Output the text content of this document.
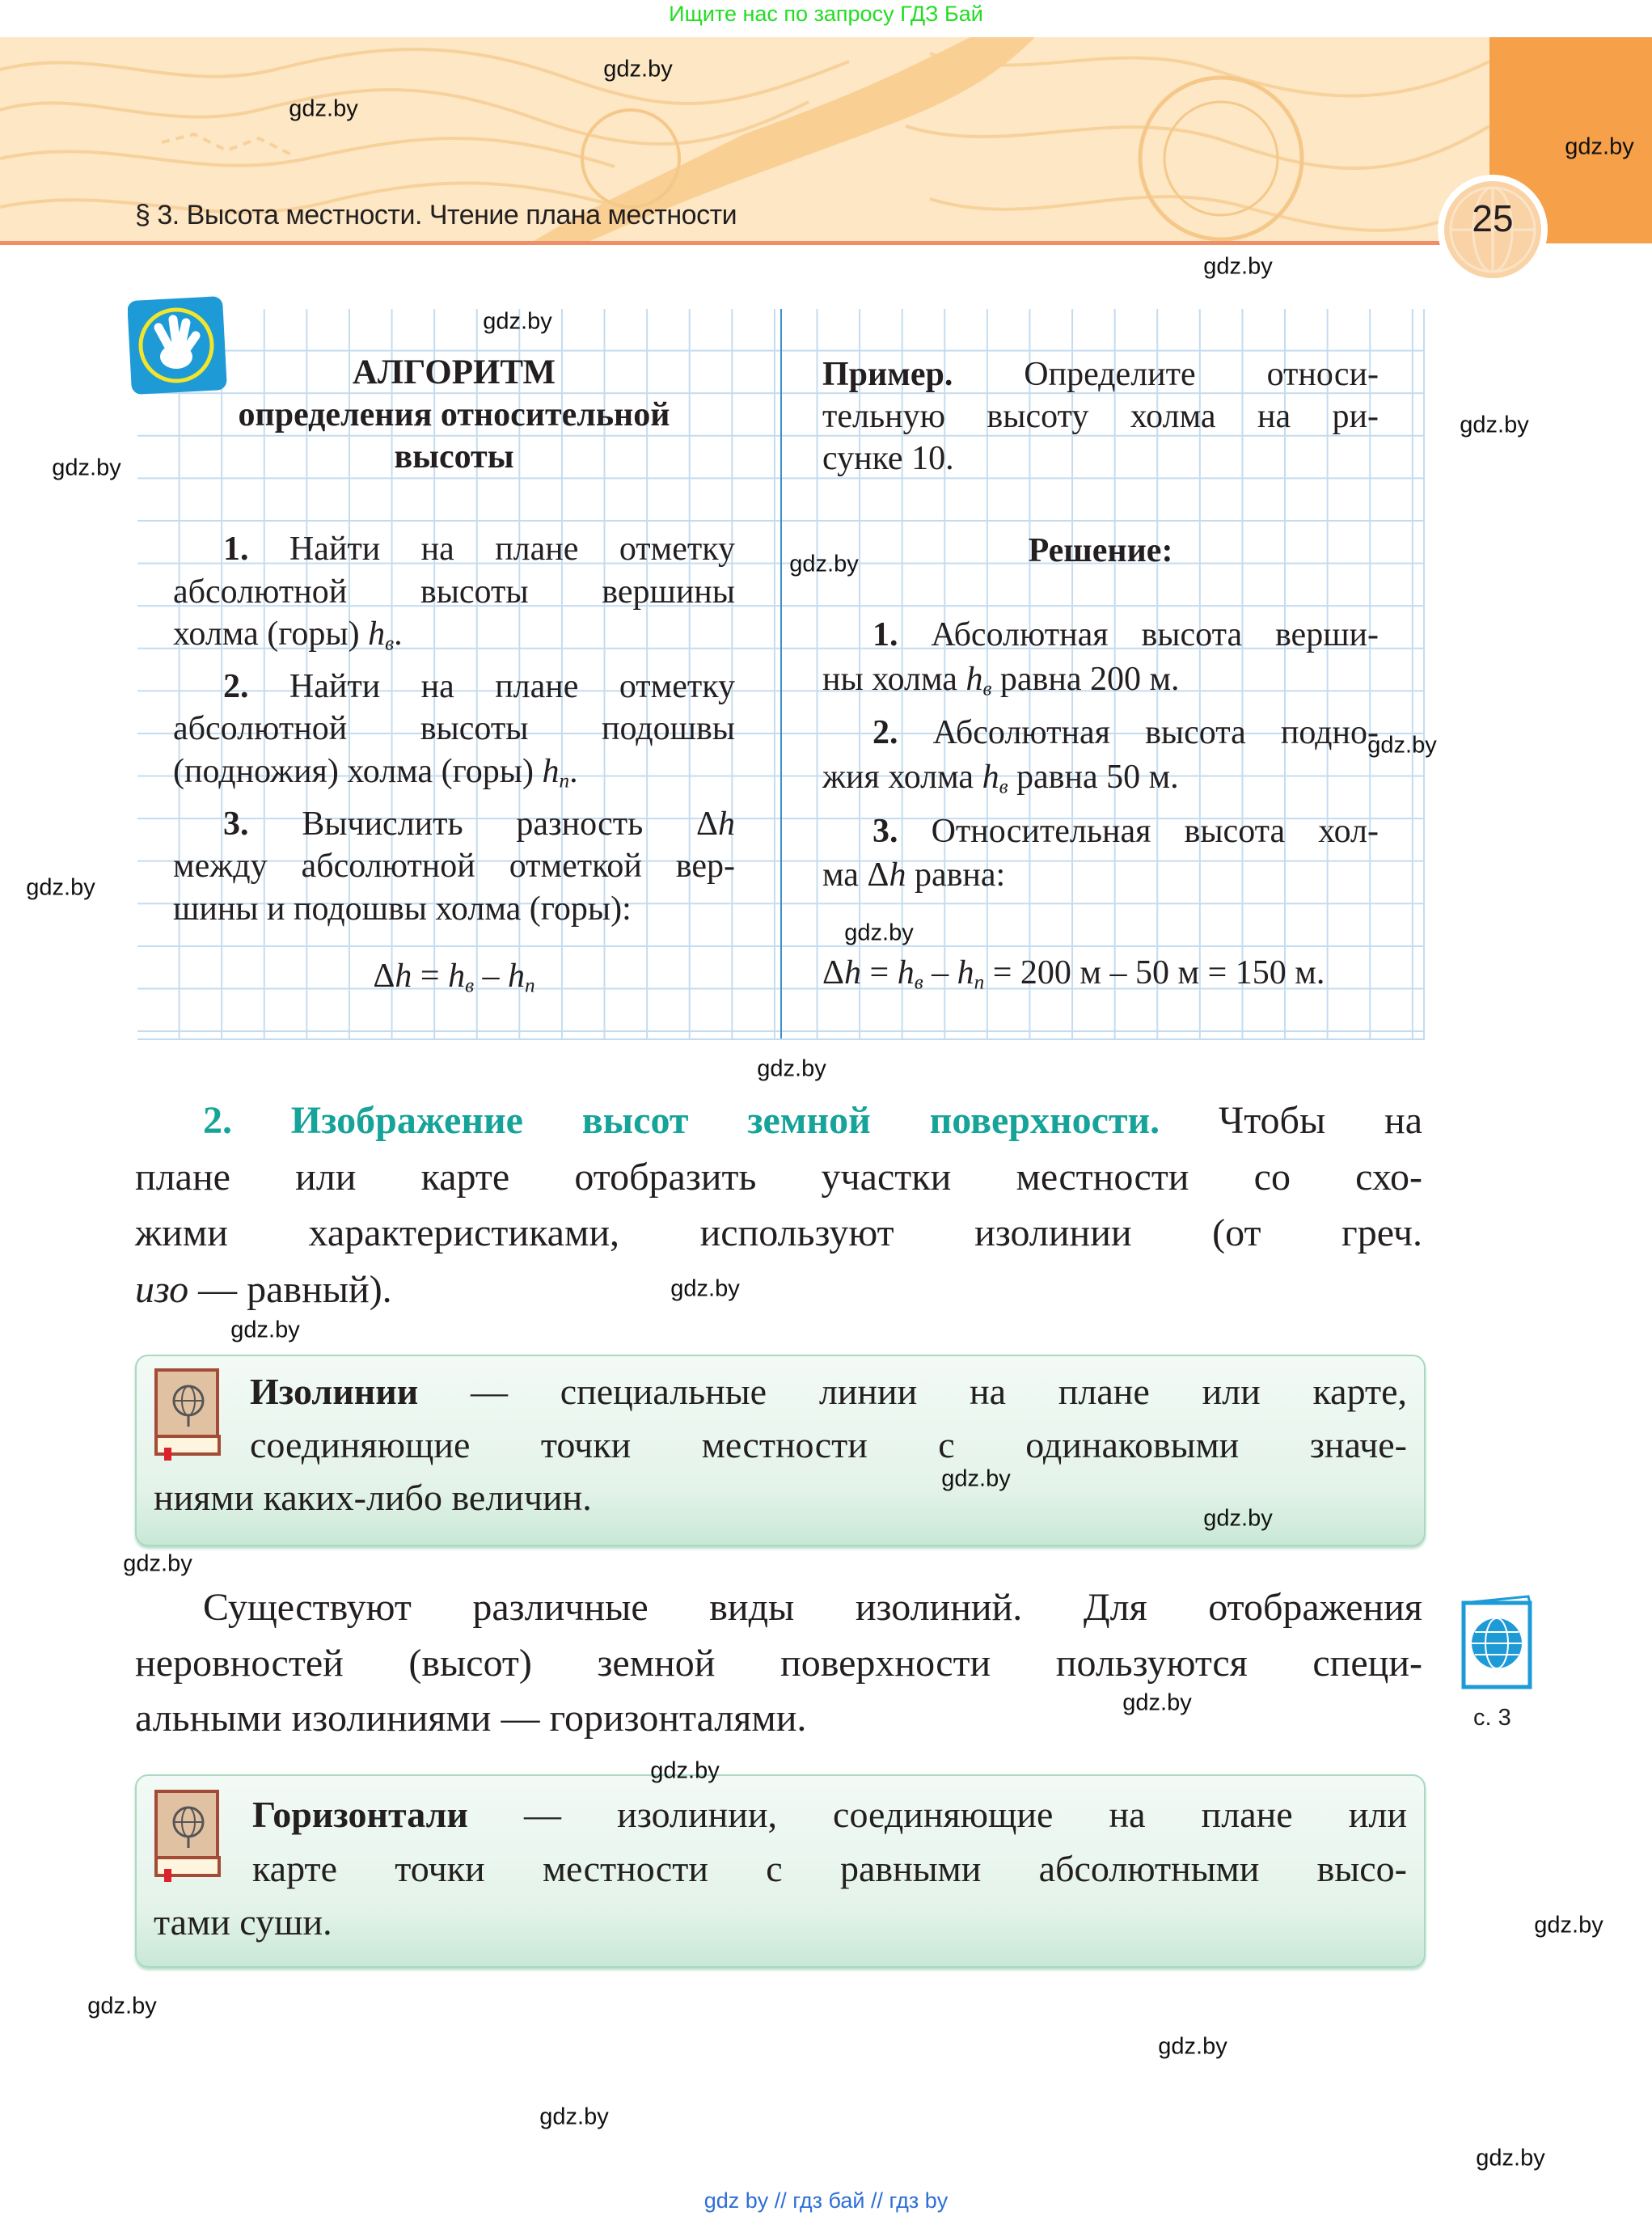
Ищите нас по запросу ГДЗ Бай
§ 3. Высота местности. Чтение плана местности	25
АЛГОРИТМ
определения относительной
высоты
1. Найти на плане отметку
абсолютной высоты вершины
холма (горы) $h_в$.
2. Найти на плане отметку
абсолютной высоты подошвы
(подножия) холма (горы) $h_п$.
3. Вычислить разность Δh
между абсолютной отметкой вер-
шины и подошвы холма (горы):
$\Delta h = h_в - h_п$
Пример. Определите относи-
тельную высоту холма на ри-
сунке 10.
Решение:
1. Абсолютная высота верши-
ны холма $h_в$ равна 200 м.
2. Абсолютная высота подно-
жия холма $h_в$ равна 50 м.
3. Относительная высота хол-
ма Δh равна:
$\Delta h = h_в - h_п = 200$ м – 50 м = 150 м.
2. Изображение высот земной поверхности. Чтобы на
плане или карте отобразить участки местности со схо-
жими характеристиками, используют изолинии (от греч.
изо — равный).
Изолинии — специальные линии на плане или карте,
соединяющие точки местности с одинаковыми значе-
ниями каких-либо величин.
Существуют различные виды изолиний. Для отображения
неровностей (высот) земной поверхности пользуются специ-
альными изолиниями — горизонталями.
Горизонтали — изолинии, соединяющие на плане или
карте точки местности с равными абсолютными высо-
тами суши.
с. 3
gdz.by
gdz.by
gdz.by
gdz.by
gdz.by
gdz.by
gdz.by
gdz.by
gdz.by
gdz.by
gdz.by
gdz.by
gdz.by
gdz.by
gdz.by
gdz.by
gdz.by
gdz.by
gdz.by
gdz.by
gdz.by
gdz.by
gdz.by
gdz.by
gdz by // гдз бай // гдз by
